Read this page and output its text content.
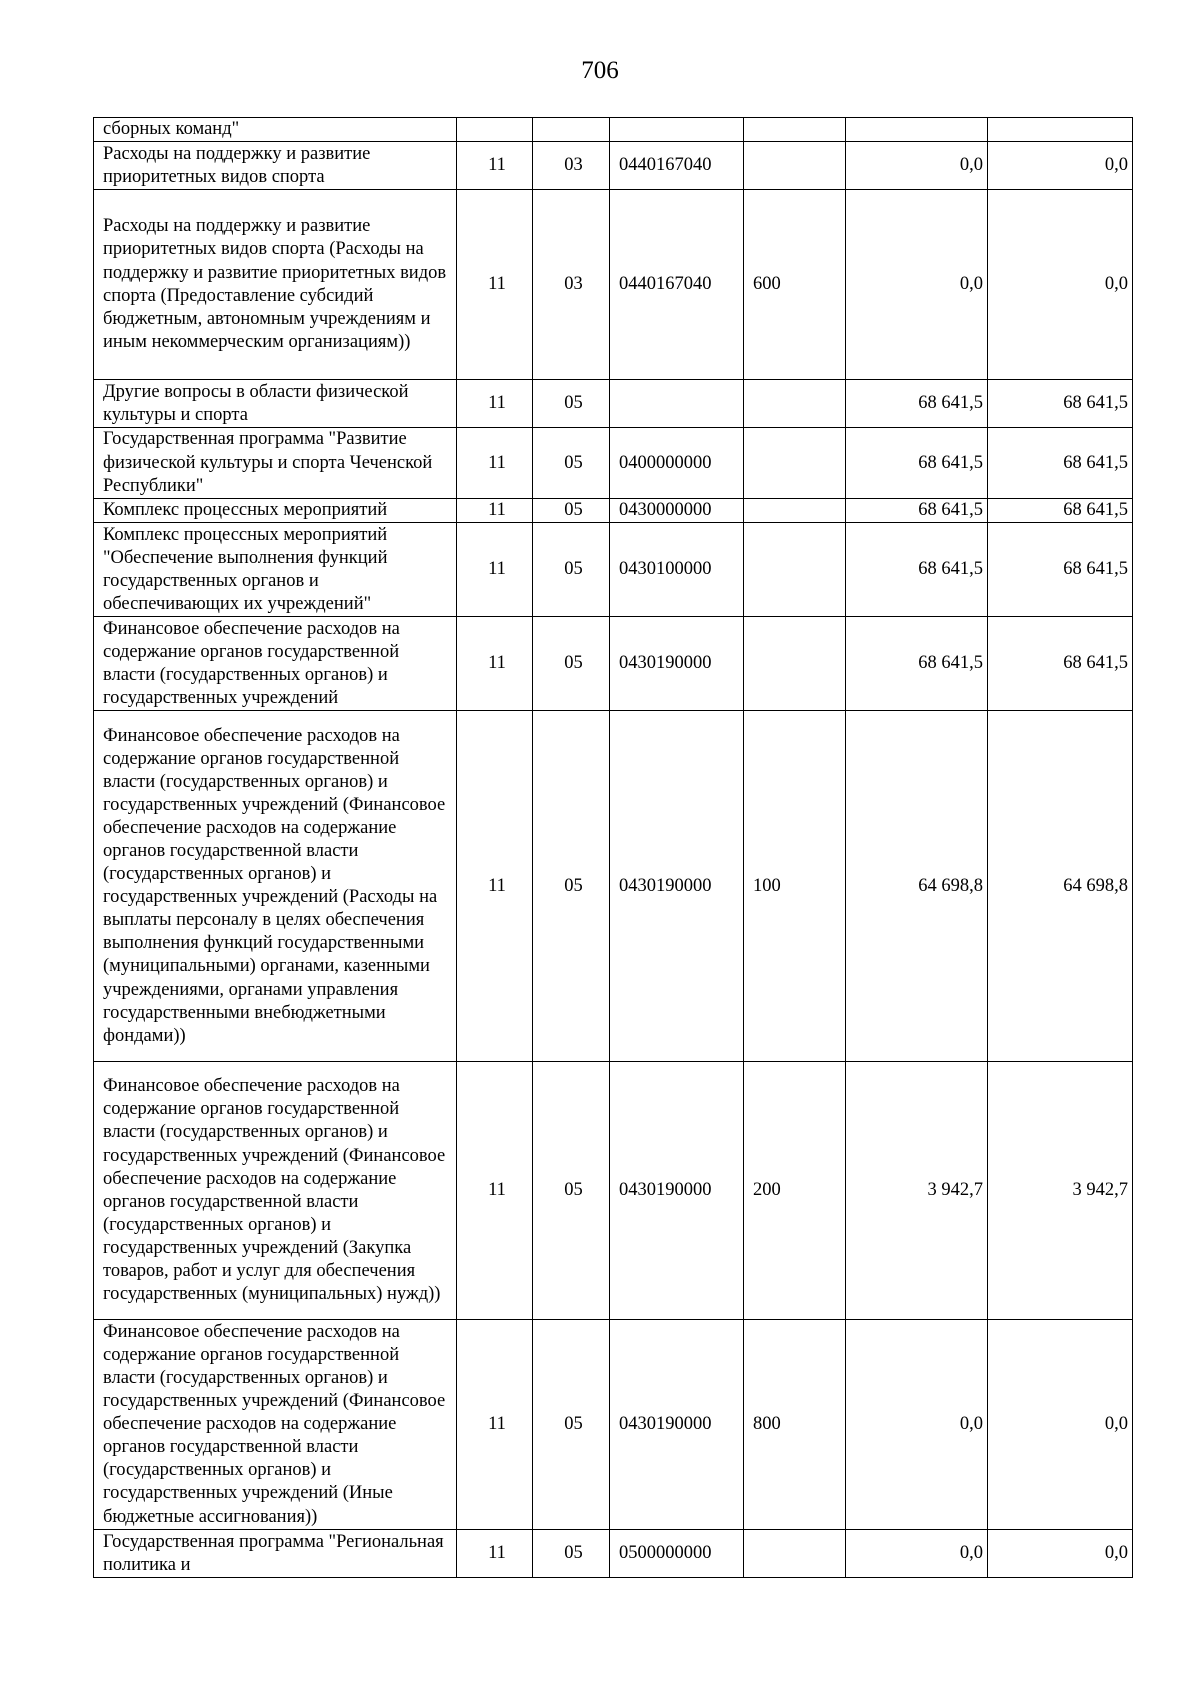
706
сборных команд"						
Расходы на поддержку и развитие приоритетных видов спорта	11	03	0440167040		0,0	0,0
Расходы на поддержку и развитие приоритетных видов спорта (Расходы на поддержку и развитие приоритетных видов спорта (Предоставление субсидий бюджетным, автономным учреждениям и иным некоммерческим организациям))	11	03	0440167040	600	0,0	0,0
Другие вопросы в области физической культуры и спорта	11	05			68 641,5	68 641,5
Государственная программа "Развитие физической культуры и спорта Чеченской Республики"	11	05	0400000000		68 641,5	68 641,5
Комплекс процессных мероприятий	11	05	0430000000		68 641,5	68 641,5
Комплекс процессных мероприятий "Обеспечение выполнения функций государственных органов и обеспечивающих их учреждений"	11	05	0430100000		68 641,5	68 641,5
Финансовое обеспечение расходов на содержание органов государственной власти (государственных органов) и государственных учреждений	11	05	0430190000		68 641,5	68 641,5
Финансовое обеспечение расходов на содержание органов государственной власти (государственных органов) и государственных учреждений (Финансовое обеспечение расходов на содержание органов государственной власти (государственных органов) и государственных учреждений (Расходы на выплаты персоналу в целях обеспечения выполнения функций государственными (муниципальными) органами, казенными учреждениями, органами управления государственными внебюджетными фондами))	11	05	0430190000	100	64 698,8	64 698,8
Финансовое обеспечение расходов на содержание органов государственной власти (государственных органов) и государственных учреждений (Финансовое обеспечение расходов на содержание органов государственной власти (государственных органов) и государственных учреждений (Закупка товаров, работ и услуг для обеспечения государственных (муниципальных) нужд))	11	05	0430190000	200	3 942,7	3 942,7
Финансовое обеспечение расходов на содержание органов государственной власти (государственных органов) и государственных учреждений (Финансовое обеспечение расходов на содержание органов государственной власти (государственных органов) и государственных учреждений (Иные бюджетные ассигнования))	11	05	0430190000	800	0,0	0,0
Государственная программа "Региональная политика и	11	05	0500000000		0,0	0,0
